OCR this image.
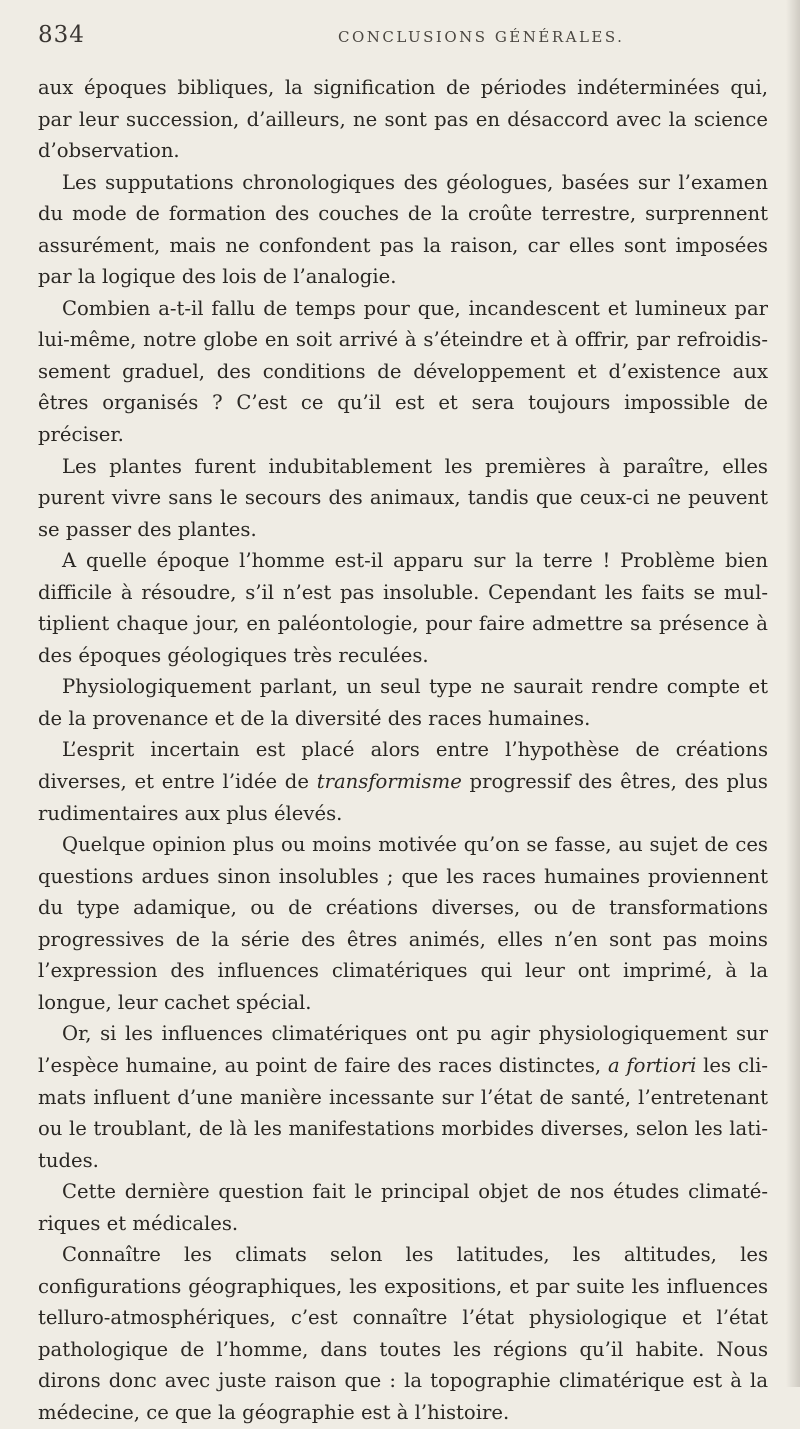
834	CONCLUSIONS GÉNÉRALES.

aux époques bibliques, la signification de périodes indéterminées qui, par leur succession, d’ailleurs, ne sont pas en désaccord avec la science d’observation.

Les supputations chronologiques des géologues, basées sur l’examen du mode de formation des couches de la croûte terrestre, surprennent assurément, mais ne confondent pas la raison, car elles sont imposées par la logique des lois de l’analogie.

Combien a-t-il fallu de temps pour que, incandescent et lumineux par lui-même, notre globe en soit arrivé à s’éteindre et à offrir, par refroidissement graduel, des conditions de développement et d’existence aux êtres organisés ? C’est ce qu’il est et sera toujours impossible de préciser.

Les plantes furent indubitablement les premières à paraître, elles purent vivre sans le secours des animaux, tandis que ceux-ci ne peuvent se passer des plantes.

A quelle époque l’homme est-il apparu sur la terre ! Problème bien difficile à résoudre, s’il n’est pas insoluble. Cependant les faits se multiplient chaque jour, en paléontologie, pour faire admettre sa présence à des époques géologiques très reculées.

Physiologiquement parlant, un seul type ne saurait rendre compte et de la provenance et de la diversité des races humaines.

L’esprit incertain est placé alors entre l’hypothèse de créations diverses, et entre l’idée de transformisme progressif des êtres, des plus rudimentaires aux plus élevés.

Quelque opinion plus ou moins motivée qu’on se fasse, au sujet de ces questions ardues sinon insolubles ; que les races humaines proviennent du type adamique, ou de créations diverses, ou de transformations progressives de la série des êtres animés, elles n’en sont pas moins l’expression des influences climatériques qui leur ont imprimé, à la longue, leur cachet spécial.

Or, si les influences climatériques ont pu agir physiologiquement sur l’espèce humaine, au point de faire des races distinctes, a fortiori les climats influent d’une manière incessante sur l’état de santé, l’entretenant ou le troublant, de là les manifestations morbides diverses, selon les latitudes.

Cette dernière question fait le principal objet de nos études climatériques et médicales.

Connaître les climats selon les latitudes, les altitudes, les configurations géographiques, les expositions, et par suite les influences telluro-atmosphériques, c’est connaître l’état physiologique et l’état pathologique de l’homme, dans toutes les régions qu’il habite. Nous dirons donc avec juste raison que : la topographie climatérique est à la médecine, ce que la géographie est à l’histoire.
